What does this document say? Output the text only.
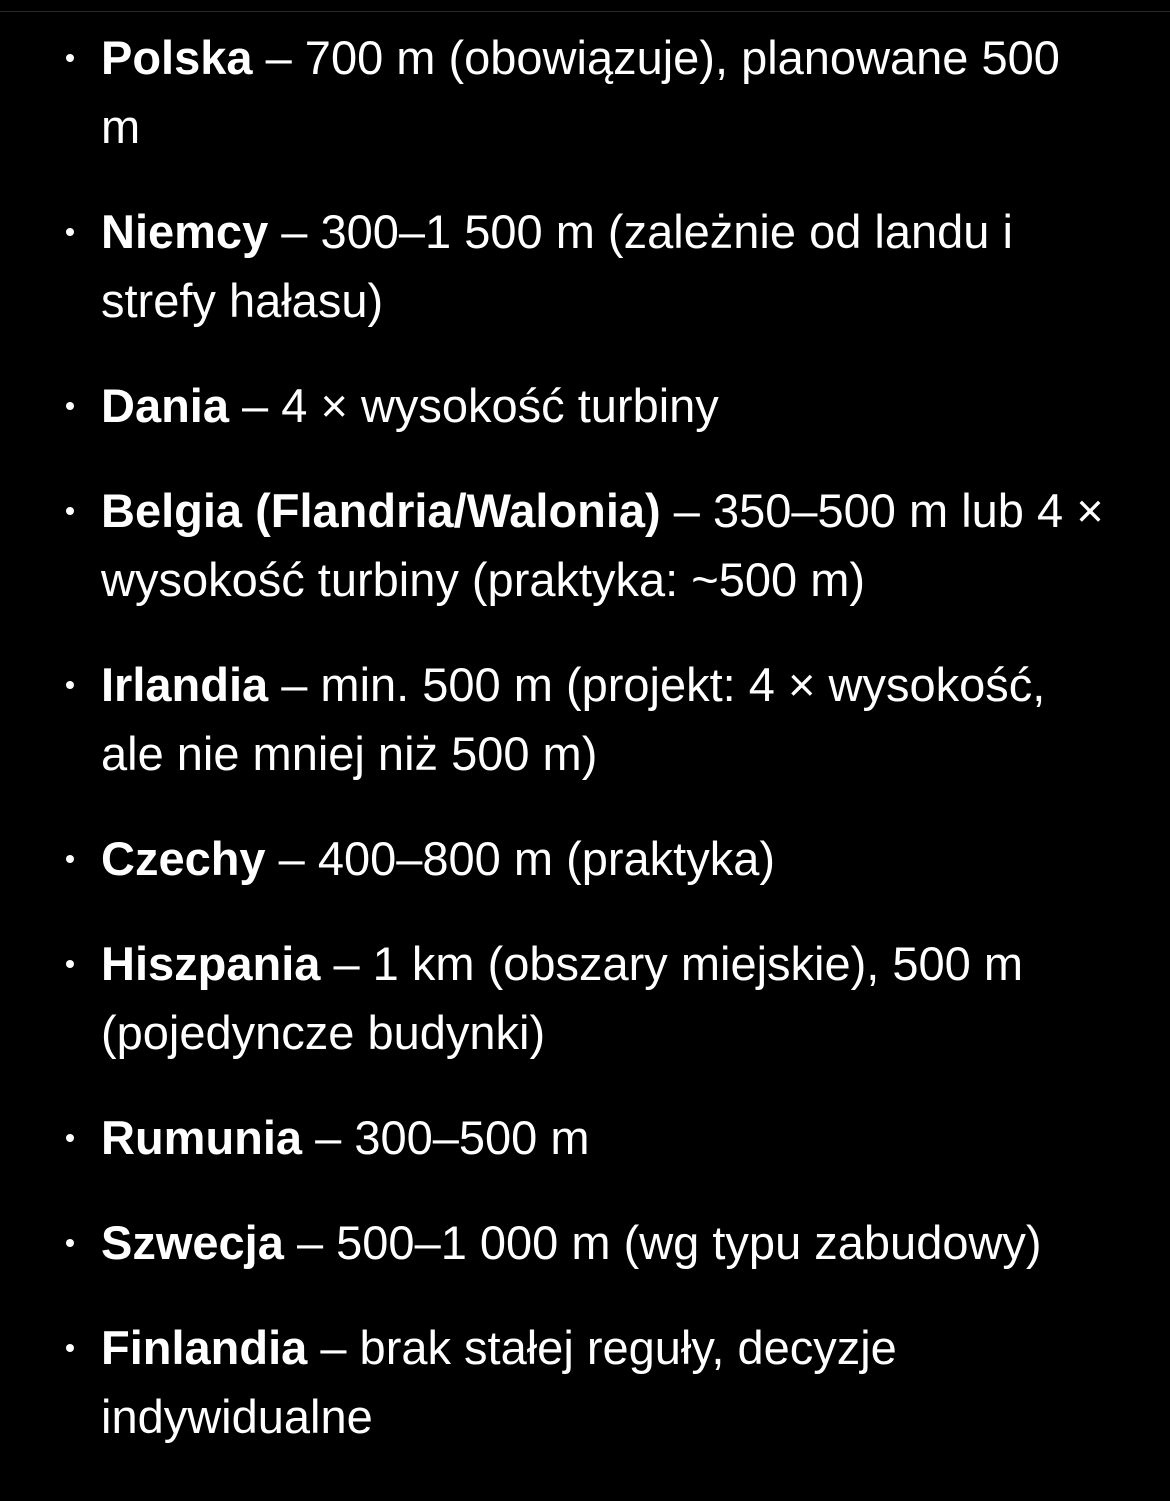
Polska – 700 m (obowiązuje), planowane 500 m
Niemcy – 300–1 500 m (zależnie od landu i strefy hałasu)
Dania – 4 × wysokość turbiny
Belgia (Flandria/Walonia) – 350–500 m lub 4 × wysokość turbiny (praktyka: ~500 m)
Irlandia – min. 500 m (projekt: 4 × wysokość, ale nie mniej niż 500 m)
Czechy – 400–800 m (praktyka)
Hiszpania – 1 km (obszary miejskie), 500 m (pojedyncze budynki)
Rumunia – 300–500 m
Szwecja – 500–1 000 m (wg typu zabudowy)
Finlandia – brak stałej reguły, decyzje indywidualne
